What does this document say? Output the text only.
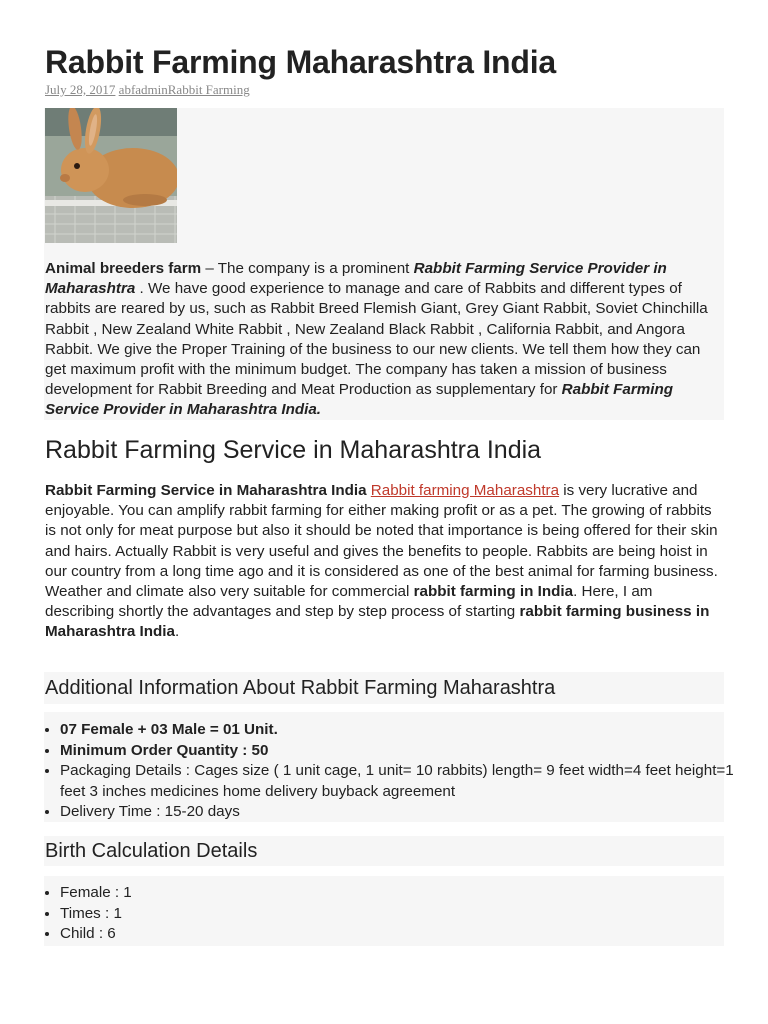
Rabbit Farming Maharashtra India
July 28, 2017 abfadminRabbit Farming

Animal breeders farm – The company is a prominent Rabbit Farming Service Provider in Maharashtra . We have good experience to manage and care of Rabbits and different types of rabbits are reared by us, such as Rabbit Breed Flemish Giant, Grey Giant Rabbit, Soviet Chinchilla Rabbit , New Zealand White Rabbit , New Zealand Black Rabbit , California Rabbit, and Angora Rabbit. We give the Proper Training of the business to our new clients. We tell them how they can get maximum profit with the minimum budget. The company has taken a mission of business development for Rabbit Breeding and Meat Production as supplementary for Rabbit Farming Service Provider in Maharashtra India.

Rabbit Farming Service in Maharashtra India

Rabbit Farming Service in Maharashtra India Rabbit farming Maharashtra is very lucrative and enjoyable. You can amplify rabbit farming for either making profit or as a pet. The growing of rabbits is not only for meat purpose but also it should be noted that importance is being offered for their skin and hairs. Actually Rabbit is very useful and gives the benefits to people. Rabbits are being hoist in our country from a long time ago and it is considered as one of the best animal for farming business. Weather and climate also very suitable for commercial rabbit farming in India. Here, I am describing shortly the advantages and step by step process of starting rabbit farming business in Maharashtra India.

Additional Information About Rabbit Farming Maharashtra
• 07 Female + 03 Male = 01 Unit.
• Minimum Order Quantity : 50
• Packaging Details : Cages size ( 1 unit cage, 1 unit= 10 rabbits) length= 9 feet width=4 feet height=1 feet 3 inches medicines home delivery buyback agreement
• Delivery Time : 15-20 days
Birth Calculation Details
• Female : 1
• Times : 1
• Child : 6
